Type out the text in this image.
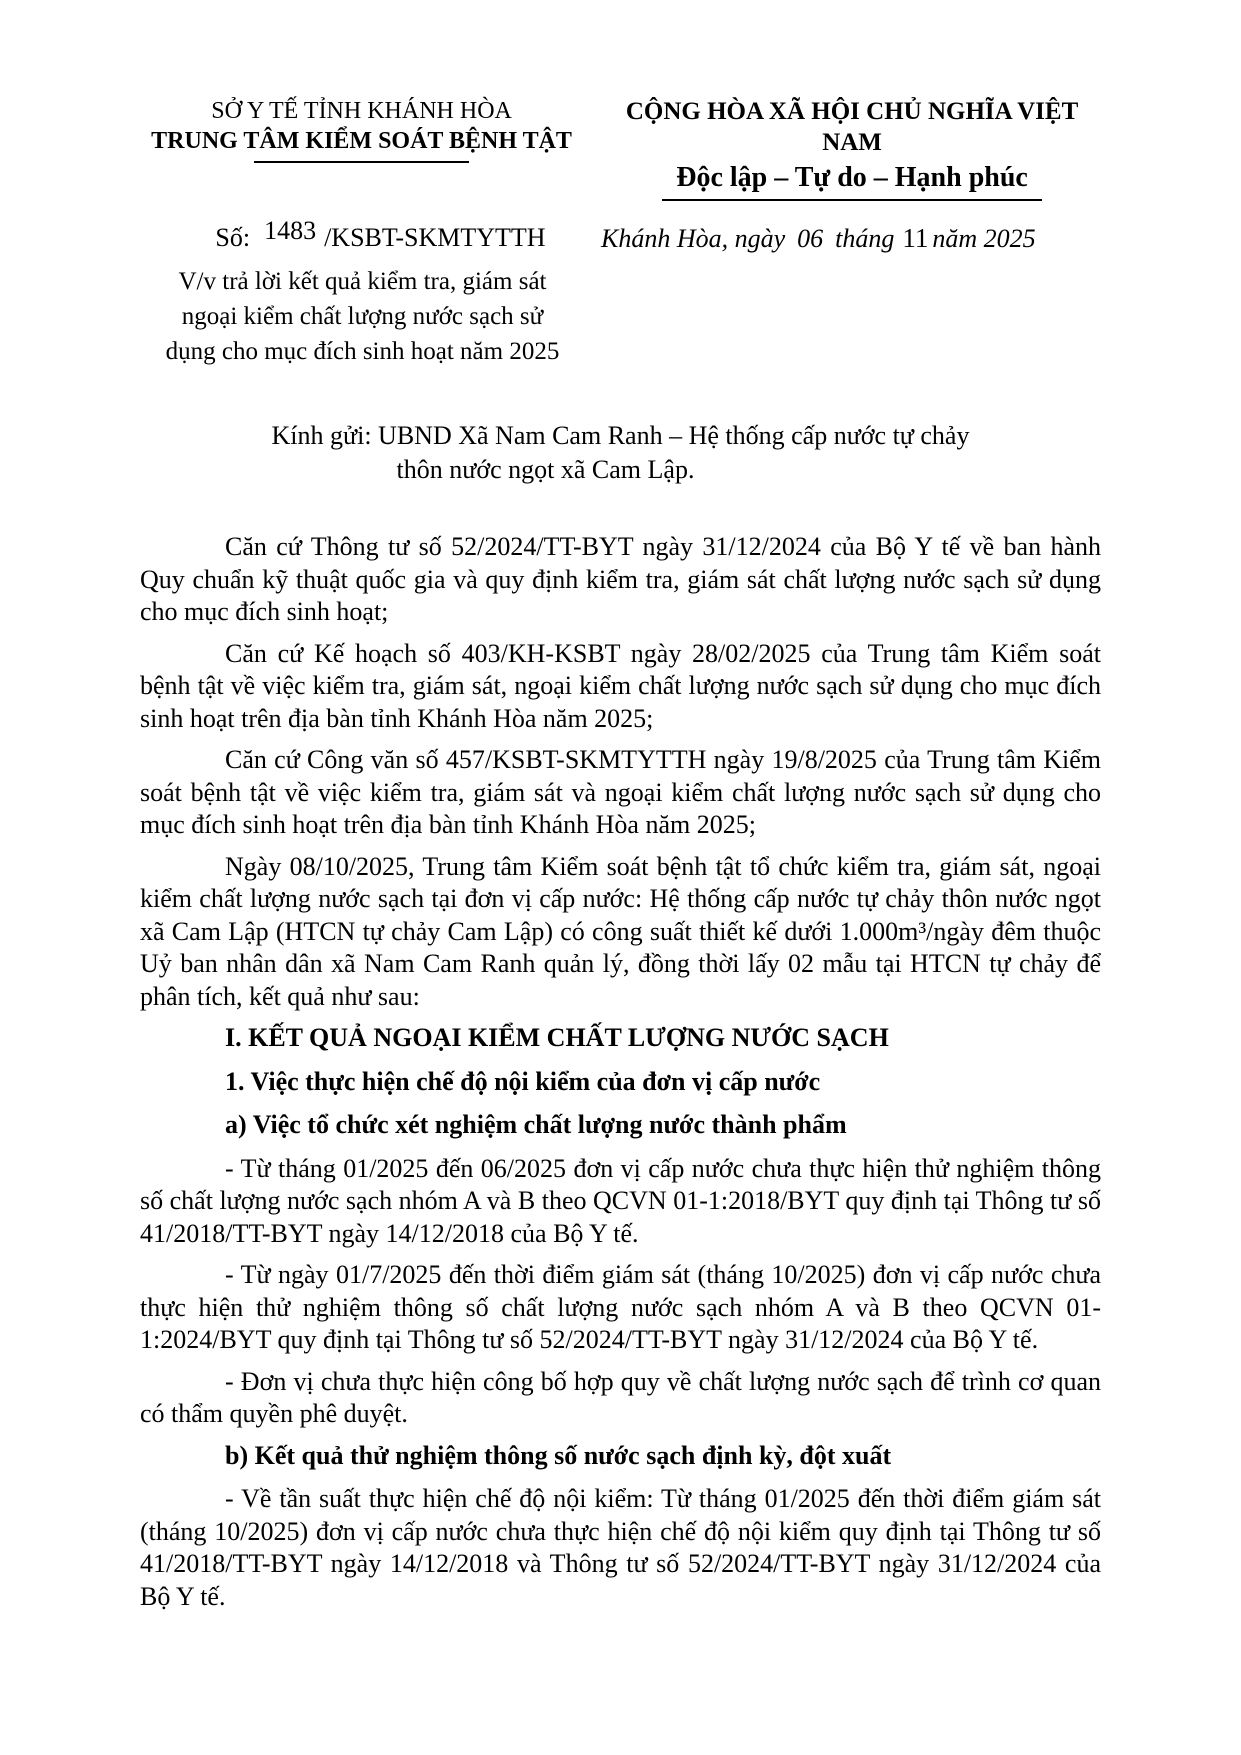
SỞ Y TẾ TỈNH KHÁNH HÒA
TRUNG TÂM KIỂM SOÁT BỆNH TẬT
CỘNG HÒA XÃ HỘI CHỦ NGHĨA VIỆT NAM
Độc lập – Tự do – Hạnh phúc
Số: 1483 /KSBT-SKMTYTTH	Khánh Hòa, ngày 06 tháng 11 năm 2025
V/v trả lời kết quả kiểm tra, giám sát
ngoại kiểm chất lượng nước sạch sử
dụng cho mục đích sinh hoạt năm 2025
Kính gửi: UBND Xã Nam Cam Ranh – Hệ thống cấp nước tự chảy
thôn nước ngọt xã Cam Lập.

Căn cứ Thông tư số 52/2024/TT-BYT ngày 31/12/2024 của Bộ Y tế về ban hành Quy chuẩn kỹ thuật quốc gia và quy định kiểm tra, giám sát chất lượng nước sạch sử dụng cho mục đích sinh hoạt;

Căn cứ Kế hoạch số 403/KH-KSBT ngày 28/02/2025 của Trung tâm Kiểm soát bệnh tật về việc kiểm tra, giám sát, ngoại kiểm chất lượng nước sạch sử dụng cho mục đích sinh hoạt trên địa bàn tỉnh Khánh Hòa năm 2025;

Căn cứ Công văn số 457/KSBT-SKMTYTTH ngày 19/8/2025 của Trung tâm Kiểm soát bệnh tật về việc kiểm tra, giám sát và ngoại kiểm chất lượng nước sạch sử dụng cho mục đích sinh hoạt trên địa bàn tỉnh Khánh Hòa năm 2025;

Ngày 08/10/2025, Trung tâm Kiểm soát bệnh tật tổ chức kiểm tra, giám sát, ngoại kiểm chất lượng nước sạch tại đơn vị cấp nước: Hệ thống cấp nước tự chảy thôn nước ngọt xã Cam Lập (HTCN tự chảy Cam Lập) có công suất thiết kế dưới 1.000m³/ngày đêm thuộc Uỷ ban nhân dân xã Nam Cam Ranh quản lý, đồng thời lấy 02 mẫu tại HTCN tự chảy để phân tích, kết quả như sau:

I. KẾT QUẢ NGOẠI KIỂM CHẤT LƯỢNG NƯỚC SẠCH

1. Việc thực hiện chế độ nội kiểm của đơn vị cấp nước

a) Việc tổ chức xét nghiệm chất lượng nước thành phẩm

- Từ tháng 01/2025 đến 06/2025 đơn vị cấp nước chưa thực hiện thử nghiệm thông số chất lượng nước sạch nhóm A và B theo QCVN 01-1:2018/BYT quy định tại Thông tư số 41/2018/TT-BYT ngày 14/12/2018 của Bộ Y tế.

- Từ ngày 01/7/2025 đến thời điểm giám sát (tháng 10/2025) đơn vị cấp nước chưa thực hiện thử nghiệm thông số chất lượng nước sạch nhóm A và B theo QCVN 01-1:2024/BYT quy định tại Thông tư số 52/2024/TT-BYT ngày 31/12/2024 của Bộ Y tế.

- Đơn vị chưa thực hiện công bố hợp quy về chất lượng nước sạch để trình cơ quan có thẩm quyền phê duyệt.

b) Kết quả thử nghiệm thông số nước sạch định kỳ, đột xuất

- Về tần suất thực hiện chế độ nội kiểm: Từ tháng 01/2025 đến thời điểm giám sát (tháng 10/2025) đơn vị cấp nước chưa thực hiện chế độ nội kiểm quy định tại Thông tư số 41/2018/TT-BYT ngày 14/12/2018 và Thông tư số 52/2024/TT-BYT ngày 31/12/2024 của Bộ Y tế.
